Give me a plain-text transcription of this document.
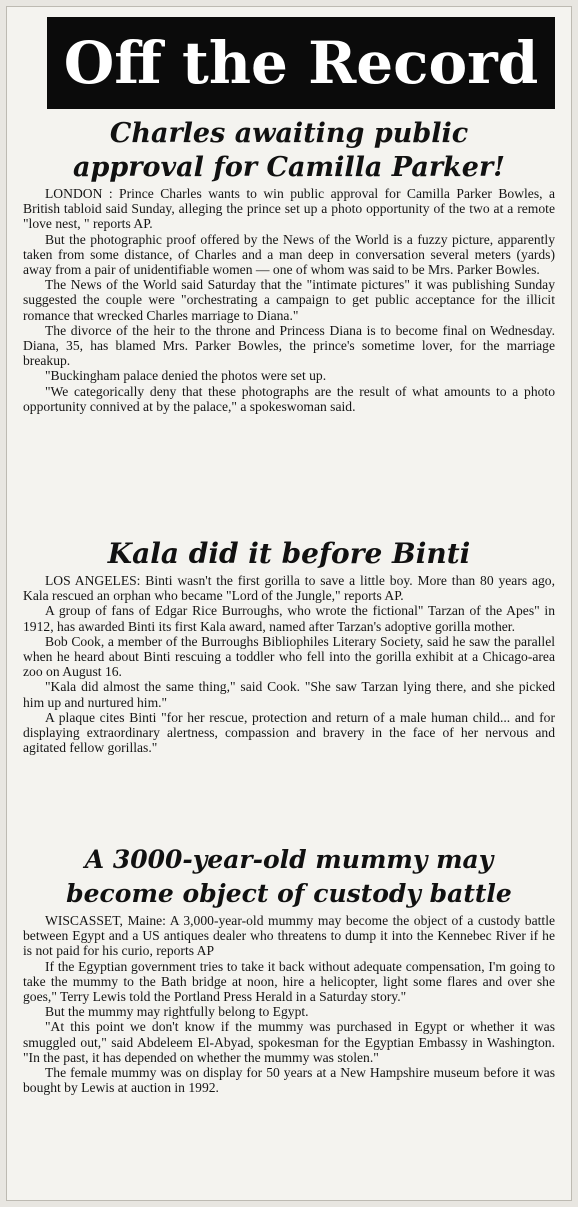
Off the Record
Charles awaiting public
approval for Camilla Parker!

LONDON : Prince Charles wants to win public approval for Camilla Parker Bowles, a British tabloid said Sunday, alleging the prince set up a photo opportunity of the two at a remote "love nest, " reports AP.

But the photographic proof offered by the News of the World is a fuzzy picture, apparently taken from some distance, of Charles and a man deep in conversation several meters (yards) away from a pair of unidentifiable women — one of whom was said to be Mrs. Parker Bowles.

The News of the World said Saturday that the "intimate pictures" it was publishing Sunday suggested the couple were "orchestrating a campaign to get public acceptance for the illicit romance that wrecked Charles marriage to Diana."

The divorce of the heir to the throne and Princess Diana is to become final on Wednesday. Diana, 35, has blamed Mrs. Parker Bowles, the prince's sometime lover, for the marriage breakup.

"Buckingham palace denied the photos were set up.

"We categorically deny that these photographs are the result of what amounts to a photo opportunity connived at by the palace," a spokeswoman said.

Kala did it before Binti

LOS ANGELES: Binti wasn't the first gorilla to save a little boy. More than 80 years ago, Kala rescued an orphan who became "Lord of the Jungle," reports AP.

A group of fans of Edgar Rice Burroughs, who wrote the fictional" Tarzan of the Apes" in 1912, has awarded Binti its first Kala award, named after Tarzan's adoptive gorilla mother.

Bob Cook, a member of the Burroughs Bibliophiles Literary Society, said he saw the parallel when he heard about Binti rescuing a toddler who fell into the gorilla exhibit at a Chicago-area zoo on August 16.

"Kala did almost the same thing," said Cook. "She saw Tarzan lying there, and she picked him up and nurtured him."

A plaque cites Binti "for her rescue, protection and return of a male human child... and for displaying extraordinary alertness, compassion and bravery in the face of her nervous and agitated fellow gorillas."

A 3000-year-old mummy may
become object of custody battle

WISCASSET, Maine: A 3,000-year-old mummy may become the object of a custody battle between Egypt and a US antiques dealer who threatens to dump it into the Kennebec River if he is not paid for his curio, reports AP

If the Egyptian government tries to take it back without adequate compensation, I'm going to take the mummy to the Bath bridge at noon, hire a helicopter, light some flares and over she goes," Terry Lewis told the Portland Press Herald in a Saturday story."

But the mummy may rightfully belong to Egypt.

"At this point we don't know if the mummy was purchased in Egypt or whether it was smuggled out," said Abdeleem El-Abyad, spokesman for the Egyptian Embassy in Washington. "In the past, it has depended on whether the mummy was stolen."

The female mummy was on display for 50 years at a New Hampshire museum before it was bought by Lewis at auction in 1992.
